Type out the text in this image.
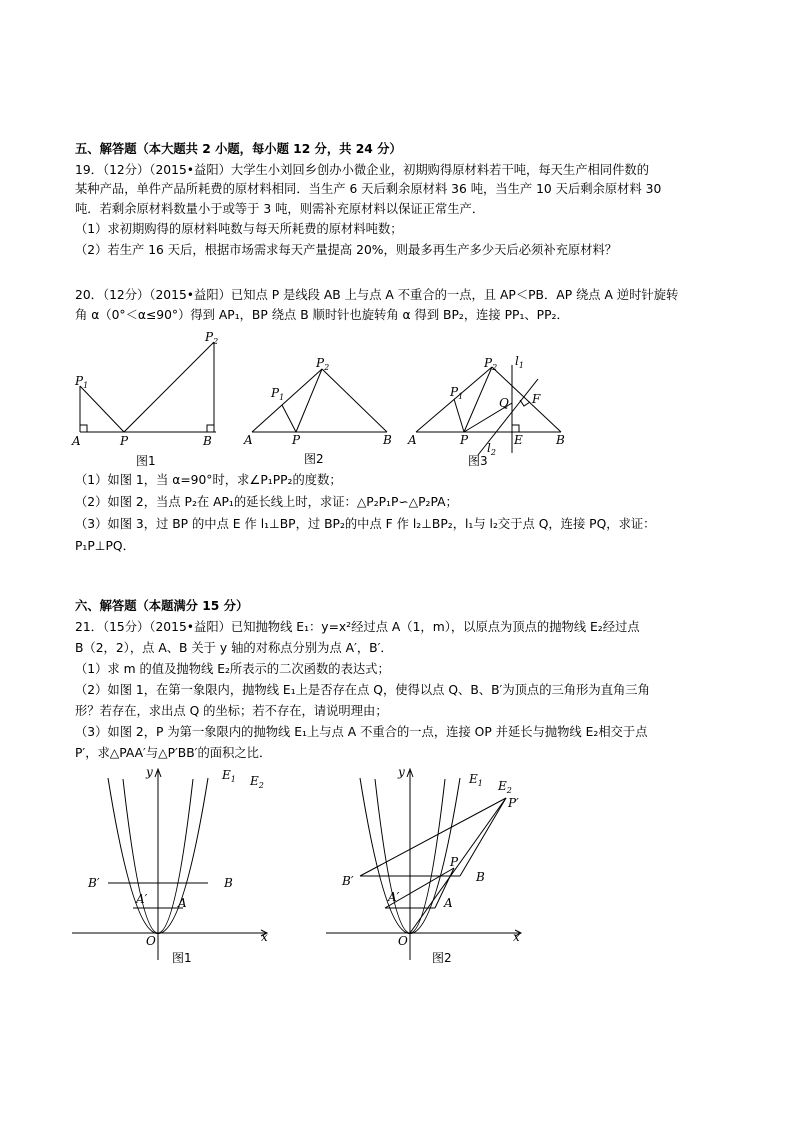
五、解答题（本大题共 2 小题，每小题 12 分，共 24 分）
19．（12分）（2015•益阳）大学生小刘回乡创办小微企业，初期购得原材料若干吨，每天生产相同件数的
某种产品，单件产品所耗费的原材料相同．当生产 6 天后剩余原材料 36 吨，当生产 10 天后剩余原材料 30
吨．若剩余原材料数量小于或等于 3 吨，则需补充原材料以保证正常生产．
（1）求初期购得的原材料吨数与每天所耗费的原材料吨数；
（2）若生产 16 天后，根据市场需求每天产量提高 20%，则最多再生产多少天后必须补充原材料？
20．（12分）（2015•益阳）已知点 P 是线段 AB 上与点 A 不重合的一点，且 AP＜PB．AP 绕点 A 逆时针旋转
角 α（0°＜α≤90°）得到 AP₁，BP 绕点 B 顺时针也旋转角 α 得到 BP₂，连接 PP₁、PP₂．
$P_1$
A	P	B
$P_2$
图1
$P_1$
$P_2$
A	P	B
图2
$P_1$
$P_2$ $l_1$
Q F
A	P	E	B
$l_2$
图3
（1）如图 1，当 α=90°时，求∠P₁PP₂的度数；
（2）如图 2，当点 P₂在 AP₁的延长线上时，求证：△P₂P₁P∽△P₂PA；
（3）如图 3，过 BP 的中点 E 作 l₁⊥BP，过 BP₂的中点 F 作 l₂⊥BP₂，l₁与 l₂交于点 Q，连接 PQ，求证：
P₁P⊥PQ．
六、解答题（本题满分 15 分）
21．（15分）（2015•益阳）已知抛物线 E₁：y=x²经过点 A（1，m），以原点为顶点的抛物线 E₂经过点
B（2，2），点 A、B 关于 y 轴的对称点分别为点 A′，B′．
（1）求 m 的值及抛物线 E₂所表示的二次函数的表达式；
（2）如图 1，在第一象限内，抛物线 E₁上是否存在点 Q，使得以点 Q、B、B′为顶点的三角形为直角三角
形？若存在，求出点 Q 的坐标；若不存在，请说明理由；
（3）如图 2，P 为第一象限内的抛物线 E₁上与点 A 不重合的一点，连接 OP 并延长与抛物线 E₂相交于点
P′，求△PAA′与△P′BB′的面积之比．
y
x
O
$E_1$ $E_2$
B′	B
A′	A
图1
y
x
O
$E_1$ $E_2$
P′
P
B′	B
A′	A
图2
